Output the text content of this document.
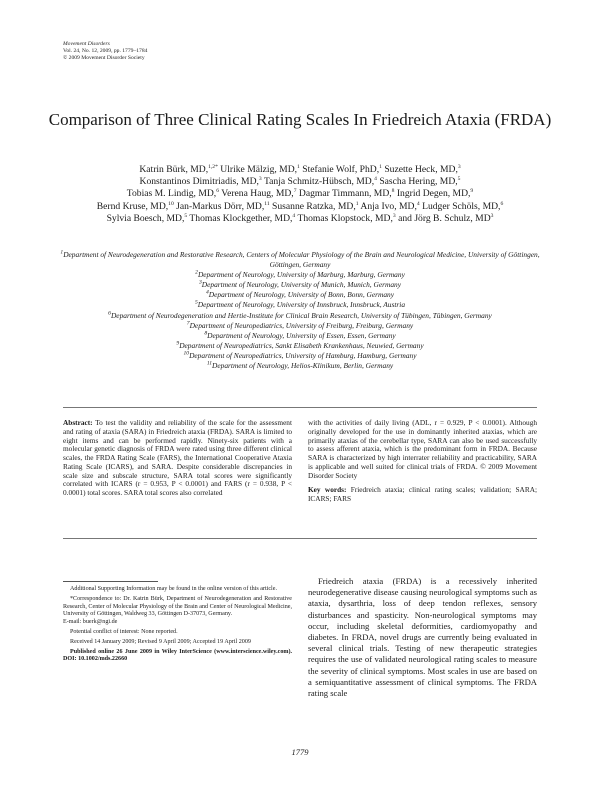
Movement Disorders
Vol. 24, No. 12, 2009, pp. 1779–1784
© 2009 Movement Disorder Society
Comparison of Three Clinical Rating Scales In Friedreich Ataxia (FRDA)
Katrin Bürk, MD,$^{1,2*}$ Ulrike Mälzig, MD,$^1$ Stefanie Wolf, PhD,$^1$ Suzette Heck, MD,$^3$
Konstantinos Dimitriadis, MD,$^3$ Tanja Schmitz-Hübsch, MD,$^4$ Sascha Hering, MD,$^5$
Tobias M. Lindig, MD,$^6$ Verena Haug, MD,$^7$ Dagmar Timmann, MD,$^8$ Ingrid Degen, MD,$^9$
Bernd Kruse, MD,$^{10}$ Jan-Markus Dörr, MD,$^{11}$ Susanne Ratzka, MD,$^1$ Anja Ivo, MD,$^4$ Ludger Schöls, MD,$^6$
Sylvia Boesch, MD,$^5$ Thomas Klockgether, MD,$^4$ Thomas Klopstock, MD,$^3$ and Jörg B. Schulz, $MD^3$
$^1$Department of Neurodegeneration and Restorative Research, Centers of Molecular Physiology of the Brain and Neurological Medicine, University of Göttingen, Göttingen, Germany
$^2$Department of Neurology, University of Marburg, Marburg, Germany
$^3$Department of Neurology, University of Munich, Munich, Germany
$^4$Department of Neurology, University of Bonn, Bonn, Germany
$^5$Department of Neurology, University of Innsbruck, Innsbruck, Austria
$^6$Department of Neurodegeneration and Hertie-Institute for Clinical Brain Research, University of Tübingen, Tübingen, Germany
$^7$Department of Neuropediatrics, University of Freiburg, Freiburg, Germany
$^8$Department of Neurology, University of Essen, Essen, Germany
$^9$Department of Neuropediatrics, Sankt Elisabeth Krankenhaus, Neuwied, Germany
$^{10}$Department of Neuropediatrics, University of Hamburg, Hamburg, Germany
$^{11}$Department of Neurology, Helios-Klinikum, Berlin, Germany
Abstract: To test the validity and reliability of the scale for the assessment and rating of ataxia (SARA) in Friedreich ataxia (FRDA). SARA is limited to eight items and can be performed rapidly. Ninety-six patients with a molecular genetic diagnosis of FRDA were rated using three different clinical scales, the FRDA Rating Scale (FARS), the International Cooperative Ataxia Rating Scale (ICARS), and SARA. Despite considerable discrepancies in scale size and subscale structure, SARA total scores were significantly correlated with ICARS (r = 0.953, P < 0.0001) and FARS (r = 0.938, P < 0.0001) total scores. SARA total scores also correlated
with the activities of daily living (ADL, r = 0.929, P < 0.0001). Although originally developed for the use in dominantly inherited ataxias, which are primarily ataxias of the cerebellar type, SARA can also be used successfully to assess afferent ataxia, which is the predominant form in FRDA. Because SARA is characterized by high interrater reliability and practicability, SARA is applicable and well suited for clinical trials of FRDA. © 2009 Movement Disorder Society
Key words: Friedreich ataxia; clinical rating scales; validation; SARA; ICARS; FARS

Additional Supporting Information may be found in the online version of this article.

*Correspondence to: Dr. Katrin Bürk, Department of Neurodegeneration and Restorative Research, Center of Molecular Physiology of the Brain and Center of Neurological Medicine, University of Göttingen, Waldweg 33, Göttingen D-37073, Germany.
E-mail: buerk@ngi.de

Potential conflict of interest: None reported.

Received 14 January 2009; Revised 9 April 2009; Accepted 19 April 2009

Published online 26 June 2009 in Wiley InterScience (www.interscience.wiley.com). DOI: 10.1002/mds.22660

Friedreich ataxia (FRDA) is a recessively inherited neurodegenerative disease causing neurological symptoms such as ataxia, dysarthria, loss of deep tendon reflexes, sensory disturbances and spasticity. Non-neurological symptoms may occur, including skeletal deformities, cardiomyopathy and diabetes. In FRDA, novel drugs are currently being evaluated in several clinical trials. Testing of new therapeutic strategies requires the use of validated neurological rating scales to measure the severity of clinical symptoms. Most scales in use are based on a semiquantitative assessment of clinical symptoms. The FRDA rating scale

1779
